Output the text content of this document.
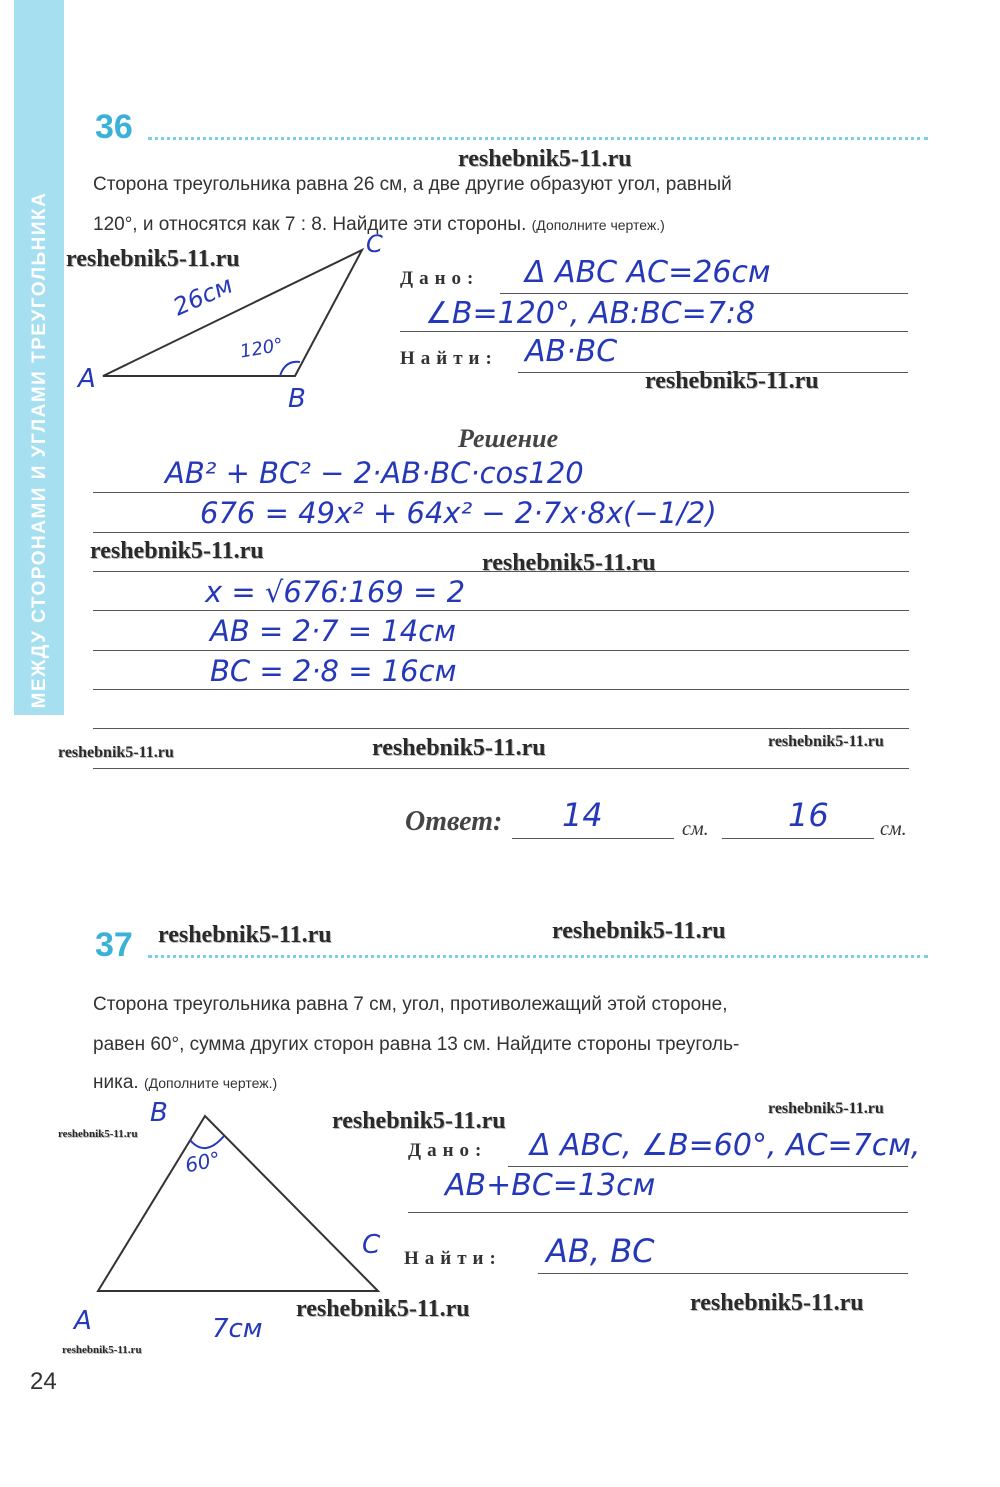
ГЛАВА XI. СООТНОШЕНИЯ МЕЖДУ СТОРОНАМИ И УГЛАМИ ТРЕУГОЛЬНИКА
36
Сторона треугольника равна 26 см, а две другие образуют угол, равный
120°, и относятся как 7 : 8. Найдите эти стороны. (Дополните чертеж.)
C
A
B
26см
120°
Дано: Δ ABC AC=26см
∠B=120°, AB:BC=7:8
Найти: AB·BC
Решение
AB² + BC² − 2·AB·BC·cos120
676 = 49x² + 64x² − 2·7x·8x(−1/2)
x = √676:169 = 2
AB = 2·7 = 14см
BC = 2·8 = 16см
Ответ: 14	см. 16	см.
37
Сторона треугольника равна 7 см, угол, противолежащий этой стороне,
равен 60°, сумма других сторон равна 13 см. Найдите стороны треуголь-
ника. (Дополните чертеж.)
B
60°
C
A	7см
Дано: Δ ABC, ∠B=60°, AC=7см,
AB+BC=13см
Найти: AB, BC
24
reshebnik5-11.ru
reshebnik5-11.ru
reshebnik5-11.ru
reshebnik5-11.ru	reshebnik5-11.ru
reshebnik5-11.ru	reshebnik5-11.ru	reshebnik5-11.ru
reshebnik5-11.ru	reshebnik5-11.ru
reshebnik5-11.ru	reshebnik5-11.ru
reshebnik5-11.ru
reshebnik5-11.ru	reshebnik5-11.ru
reshebnik5-11.ru
